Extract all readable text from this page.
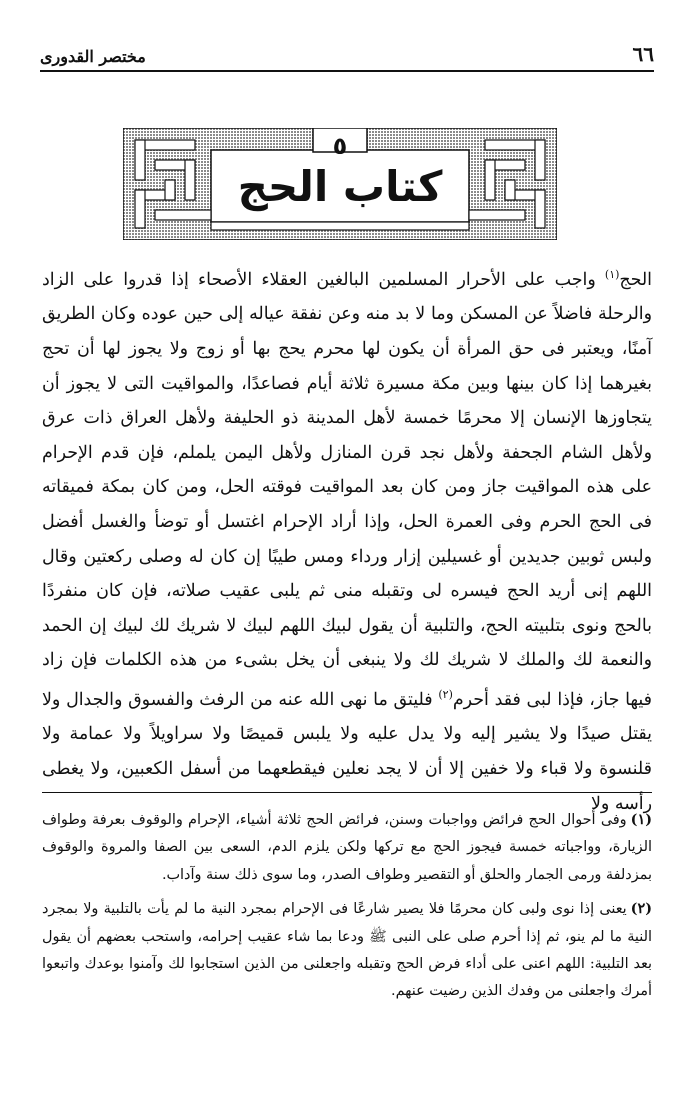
٦٦
مختصر القدورى
٥
كتاب الحج
الحج$^{(١)}$ واجب على الأحرار المسلمين البالغين العقلاء الأصحاء إذا قدروا على الزاد والرحلة فاضلاً عن المسكن وما لا بد منه وعن نفقة عياله إلى حين عوده وكان الطريق آمنًا، ويعتبر فى حق المرأة أن يكون لها محرم يحج بها أو زوج ولا يجوز لها أن تحج بغيرهما إذا كان بينها وبين مكة مسيرة ثلاثة أيام فصاعدًا، والمواقيت التى لا يجوز أن يتجاوزها الإنسان إلا محرمًا خمسة لأهل المدينة ذو الحليفة ولأهل العراق ذات عرق ولأهل الشام الجحفة ولأهل نجد قرن المنازل ولأهل اليمن يلملم، فإن قدم الإحرام على هذه المواقيت جاز ومن كان بعد المواقيت فوقته الحل، ومن كان بمكة فميقاته فى الحج الحرم وفى العمرة الحل، وإذا أراد الإحرام اغتسل أو توضأ والغسل أفضل ولبس ثوبين جديدين أو غسيلين إزار ورداء ومس طيبًا إن كان له وصلى ركعتين وقال اللهم إنى أريد الحج فيسره لى وتقبله منى ثم يلبى عقيب صلاته، فإن كان منفردًا بالحج ونوى بتلبيته الحج، والتلبية أن يقول لبيك اللهم لبيك لا شريك لك لبيك إن الحمد والنعمة لك والملك لا شريك لك ولا ينبغى أن يخل بشىء من هذه الكلمات فإن زاد فيها جاز، فإذا لبى فقد أحرم$^{(٢)}$ فليتق ما نهى الله عنه من الرفث والفسوق والجدال ولا يقتل صيدًا ولا يشير إليه ولا يدل عليه ولا يلبس قميصًا ولا سراويلاً ولا عمامة ولا قلنسوة ولا قباء ولا خفين إلا أن لا يجد نعلين فيقطعهما من أسفل الكعبين، ولا يغطى رأسه ولا

(١)وفى أحوال الحج فرائض وواجبات وسنن، فرائض الحج ثلاثة أشياء، الإحرام والوقوف بعرفة وطواف الزيارة، وواجباته خمسة فيجوز الحج مع تركها ولكن يلزم الدم، السعى بين الصفا والمروة والوقوف بمزدلفة ورمى الجمار والحلق أو التقصير وطواف الصدر، وما سوى ذلك سنة وآداب.

(٢)يعنى إذا نوى ولبى كان محرمًا فلا يصير شارعًا فى الإحرام بمجرد النية ما لم يأت بالتلبية ولا بمجرد النية ما لم ينو، ثم إذا أحرم صلى على النبى ﷺ ودعا بما شاء عقيب إحرامه، واستحب بعضهم أن يقول بعد التلبية: اللهم اعنى على أداء فرض الحج وتقبله واجعلنى من الذين استجابوا لك وآمنوا بوعدك واتبعوا أمرك واجعلنى من وفدك الذين رضيت عنهم.
